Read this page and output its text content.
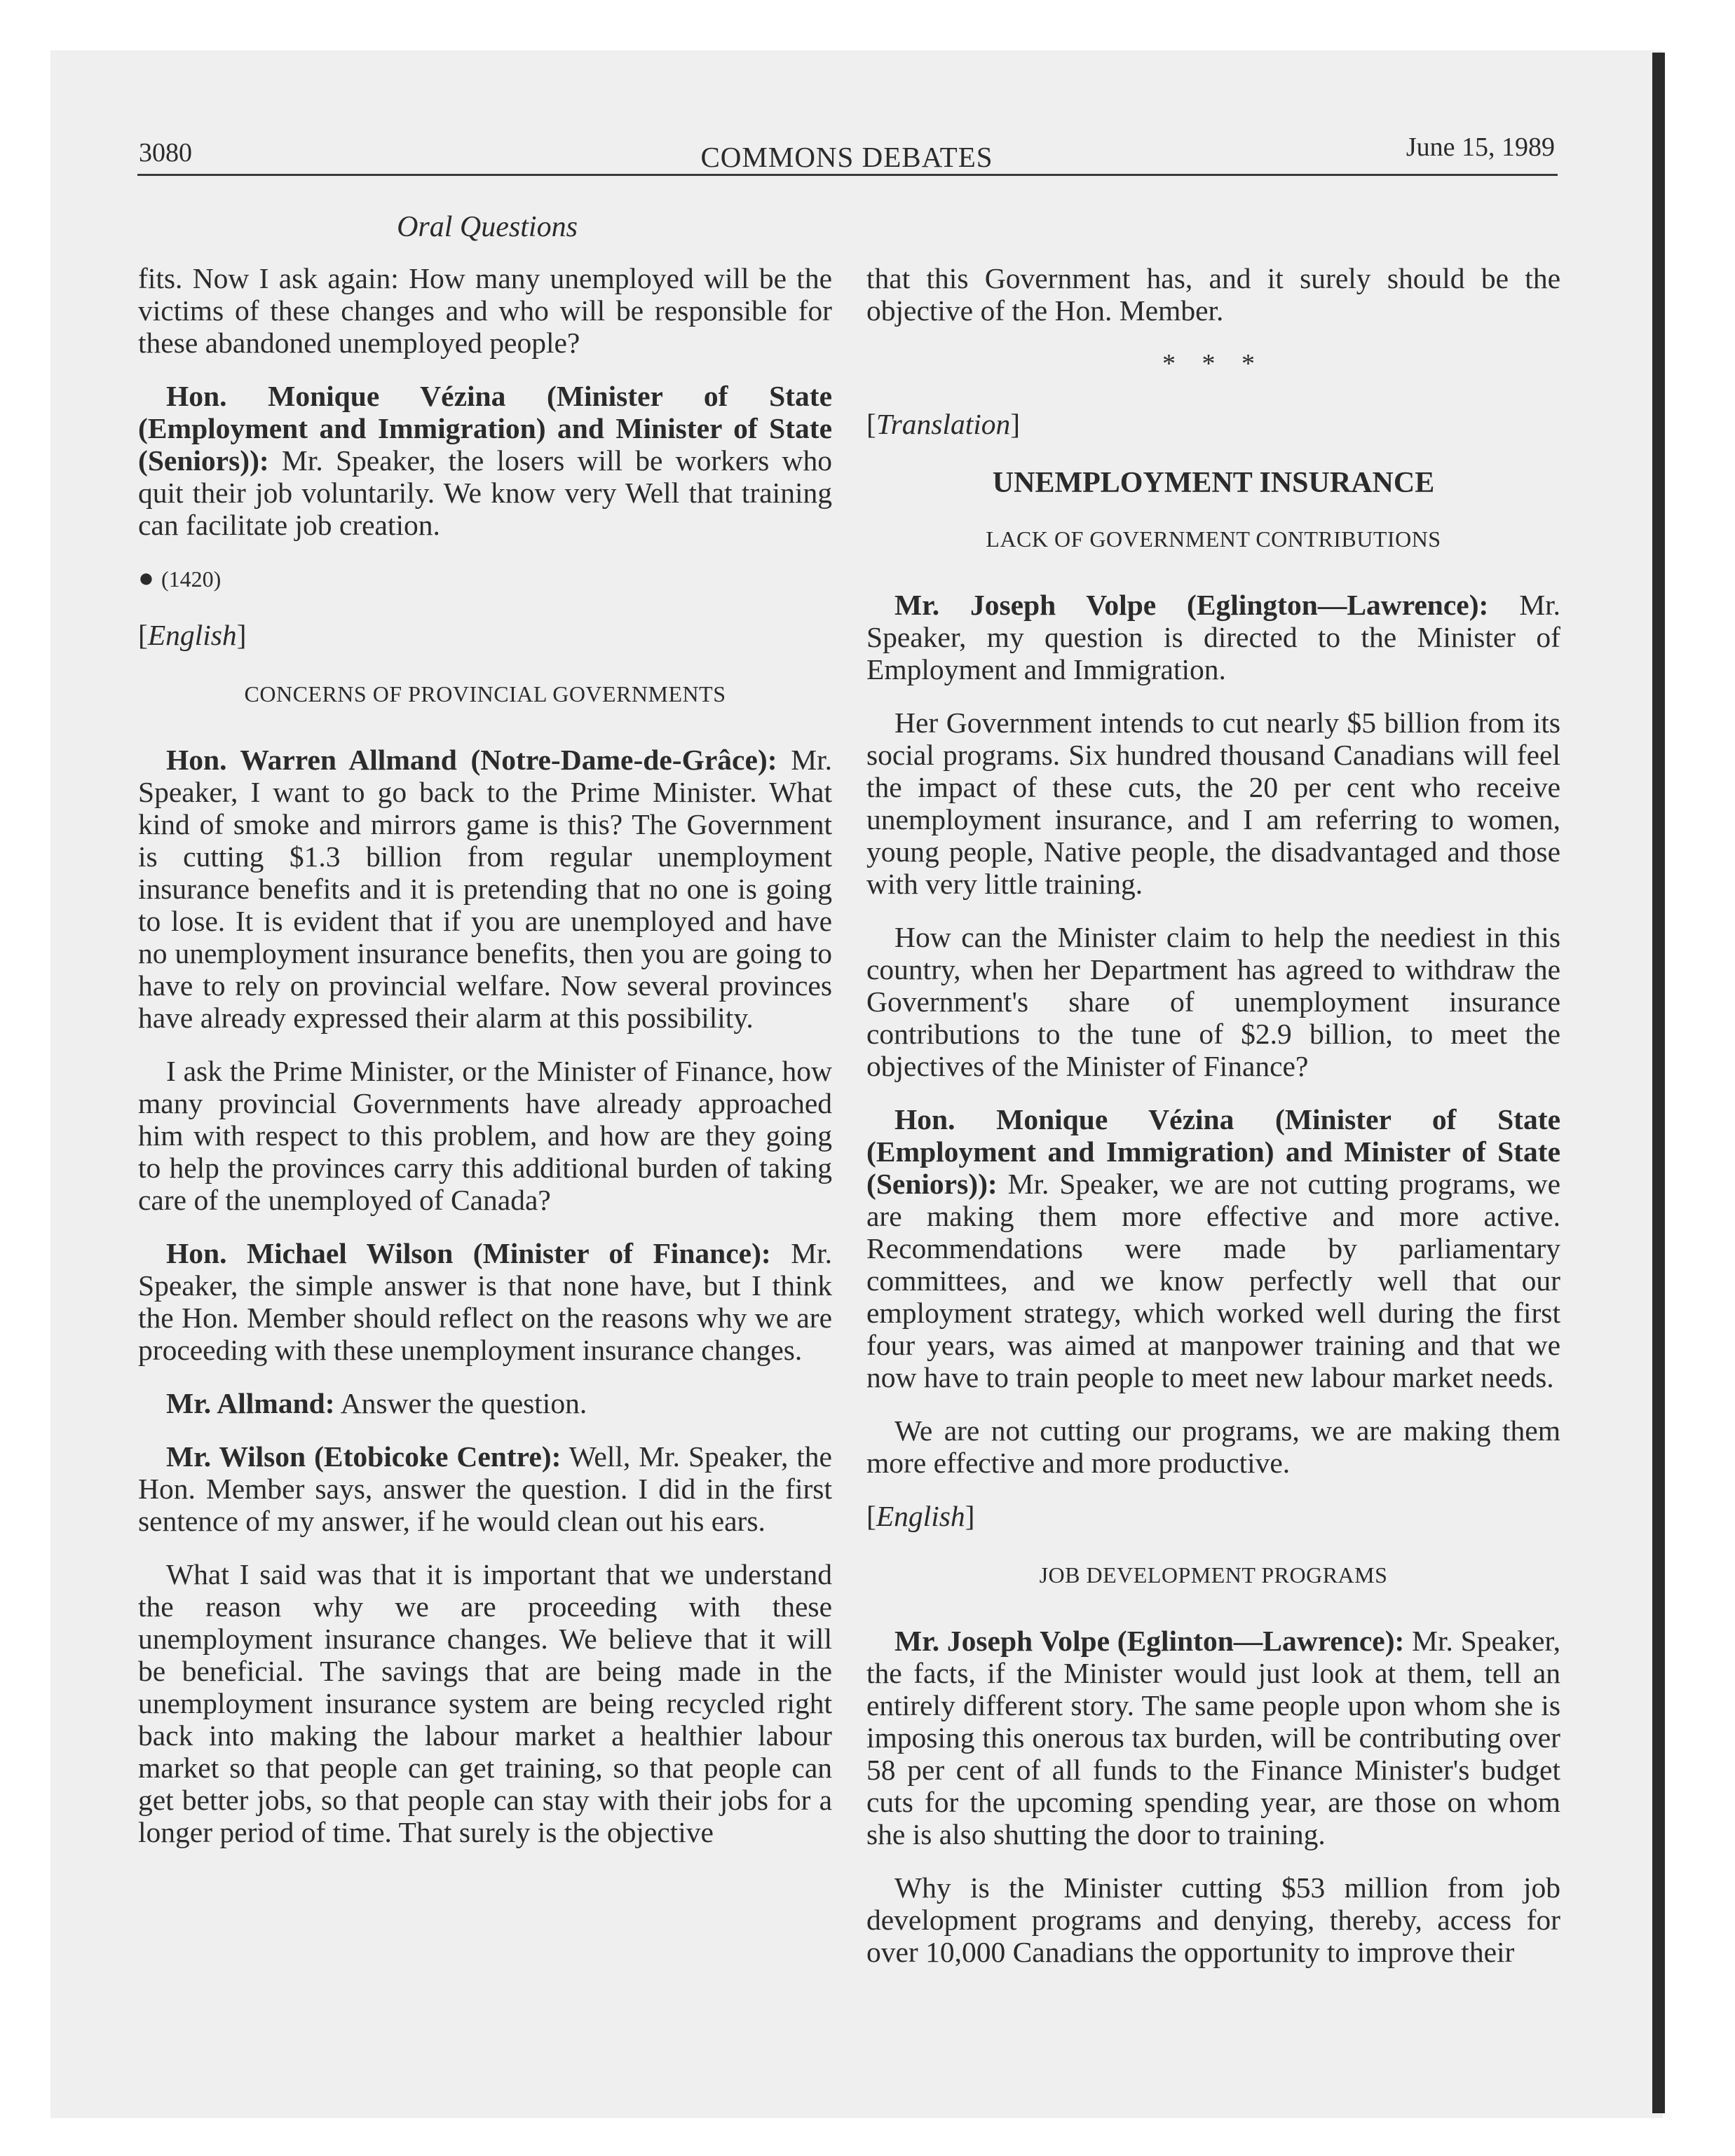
3080	COMMONS DEBATES	June 15, 1989
Oral Questions

fits. Now I ask again: How many unemployed will be the victims of these changes and who will be responsible for these abandoned unemployed people?

Hon. Monique Vézina (Minister of State (Employment and Immigration) and Minister of State (Seniors)): Mr. Speaker, the losers will be workers who quit their job voluntarily. We know very Well that training can facilitate job creation.

● (1420)
[English]
CONCERNS OF PROVINCIAL GOVERNMENTS

Hon. Warren Allmand (Notre-Dame-de-Grâce): Mr. Speaker, I want to go back to the Prime Minister. What kind of smoke and mirrors game is this? The Government is cutting $1.3 billion from regular unemployment insurance benefits and it is pretending that no one is going to lose. It is evident that if you are unemployed and have no unemployment insurance benefits, then you are going to have to rely on provincial welfare. Now several provinces have already expressed their alarm at this possibility.

I ask the Prime Minister, or the Minister of Finance, how many provincial Governments have already approached him with respect to this problem, and how are they going to help the provinces carry this additional burden of taking care of the unemployed of Canada?

Hon. Michael Wilson (Minister of Finance): Mr. Speaker, the simple answer is that none have, but I think the Hon. Member should reflect on the reasons why we are proceeding with these unemployment insurance changes.

Mr. Allmand: Answer the question.

Mr. Wilson (Etobicoke Centre): Well, Mr. Speaker, the Hon. Member says, answer the question. I did in the first sentence of my answer, if he would clean out his ears.

What I said was that it is important that we understand the reason why we are proceeding with these unemployment insurance changes. We believe that it will be beneficial. The savings that are being made in the unemployment insurance system are being recycled right back into making the labour market a healthier labour market so that people can get training, so that people can get better jobs, so that people can stay with their jobs for a longer period of time. That surely is the objective

that this Government has, and it surely should be the objective of the Hon. Member.

* * *
[Translation]
UNEMPLOYMENT INSURANCE
LACK OF GOVERNMENT CONTRIBUTIONS

Mr. Joseph Volpe (Eglington—Lawrence): Mr. Speaker, my question is directed to the Minister of Employment and Immigration.

Her Government intends to cut nearly $5 billion from its social programs. Six hundred thousand Canadians will feel the impact of these cuts, the 20 per cent who receive unemployment insurance, and I am referring to women, young people, Native people, the disadvantaged and those with very little training.

How can the Minister claim to help the neediest in this country, when her Department has agreed to withdraw the Government's share of unemployment insurance contributions to the tune of $2.9 billion, to meet the objectives of the Minister of Finance?

Hon. Monique Vézina (Minister of State (Employment and Immigration) and Minister of State (Seniors)): Mr. Speaker, we are not cutting programs, we are making them more effective and more active. Recommendations were made by parliamentary committees, and we know perfectly well that our employment strategy, which worked well during the first four years, was aimed at manpower training and that we now have to train people to meet new labour market needs.

We are not cutting our programs, we are making them more effective and more productive.

[English]
JOB DEVELOPMENT PROGRAMS

Mr. Joseph Volpe (Eglinton—Lawrence): Mr. Speaker, the facts, if the Minister would just look at them, tell an entirely different story. The same people upon whom she is imposing this onerous tax burden, will be contributing over 58 per cent of all funds to the Finance Minister's budget cuts for the upcoming spending year, are those on whom she is also shutting the door to training.

Why is the Minister cutting $53 million from job development programs and denying, thereby, access for over 10,000 Canadians the opportunity to improve their
